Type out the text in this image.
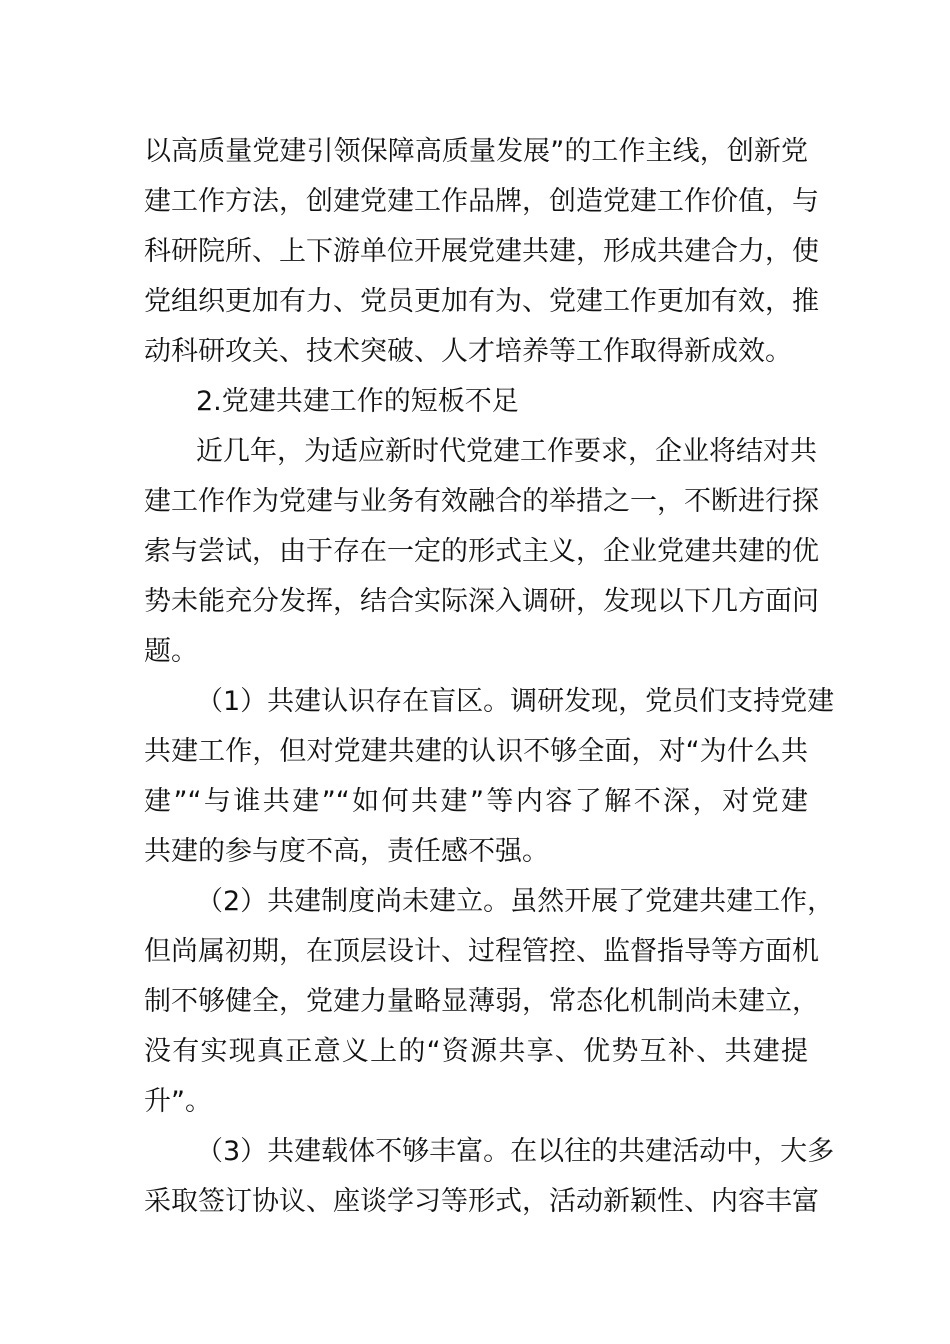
以高质量党建引领保障高质量发展”的工作主线，创新党
建工作方法，创建党建工作品牌，创造党建工作价值，与
科研院所、上下游单位开展党建共建，形成共建合力，使
党组织更加有力、党员更加有为、党建工作更加有效，推
动科研攻关、技术突破、人才培养等工作取得新成效。
2.党建共建工作的短板不足
近几年，为适应新时代党建工作要求，企业将结对共
建工作作为党建与业务有效融合的举措之一，不断进行探
索与尝试，由于存在一定的形式主义，企业党建共建的优
势未能充分发挥，结合实际深入调研，发现以下几方面问
题。
（1）共建认识存在盲区。调研发现，党员们支持党建
共建工作，但对党建共建的认识不够全面，对“为什么共
建”“与谁共建”“如何共建”等内容了解不深，对党建
共建的参与度不高，责任感不强。
（2）共建制度尚未建立。虽然开展了党建共建工作，
但尚属初期，在顶层设计、过程管控、监督指导等方面机
制不够健全，党建力量略显薄弱，常态化机制尚未建立，
没有实现真正意义上的“资源共享、优势互补、共建提
升”。
（3）共建载体不够丰富。在以往的共建活动中，大多
采取签订协议、座谈学习等形式，活动新颖性、内容丰富
